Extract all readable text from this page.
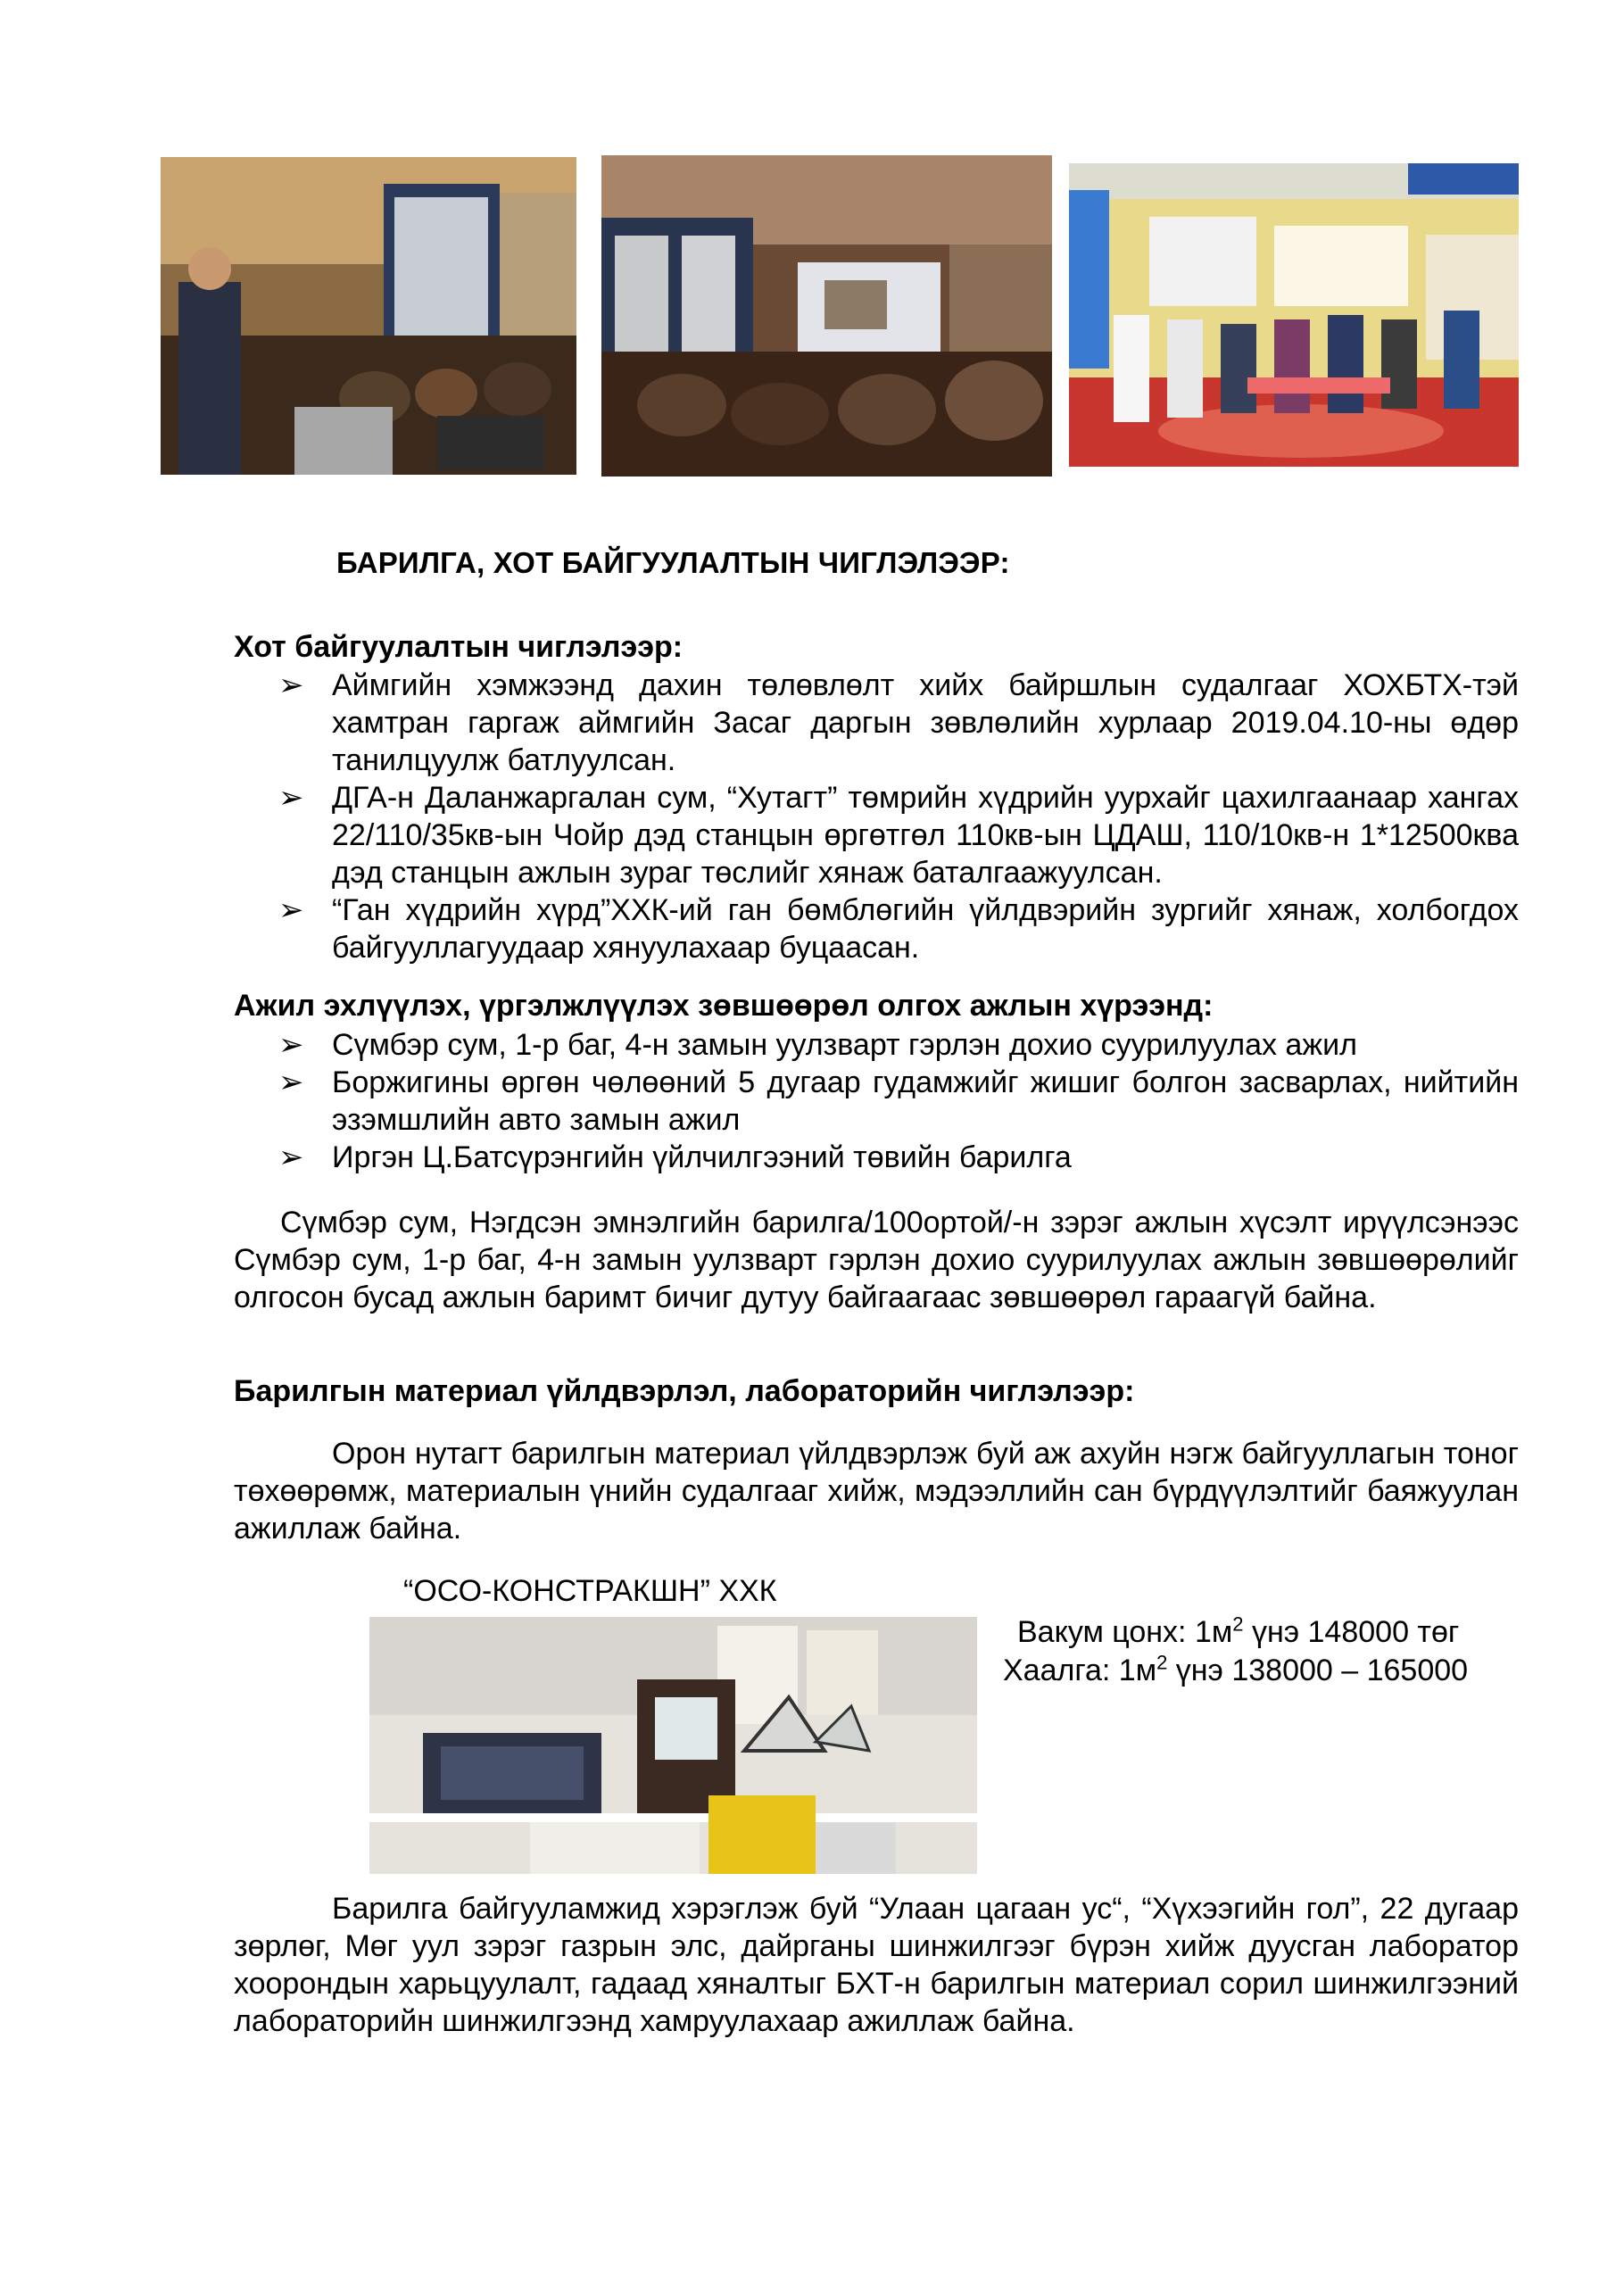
БАРИЛГА, ХОТ БАЙГУУЛАЛТЫН ЧИГЛЭЛЭЭР:
Хот байгуулалтын чиглэлээр:
➢ Аймгийн хэмжээнд дахин төлөвлөлт хийх байршлын судалгааг ХОХБТХ-тэй хамтран гаргаж аймгийн Засаг даргын зөвлөлийн хурлаар 2019.04.10-ны өдөр танилцуулж батлуулсан.
➢ ДГА-н Даланжаргалан сум, “Хутагт” төмрийн хүдрийн уурхайг цахилгаанаар хангах 22/110/35кв-ын Чойр дэд станцын өргөтгөл 110кв-ын ЦДАШ, 110/10кв-н 1*12500ква дэд станцын ажлын зураг төслийг хянаж баталгаажуулсан.
➢ “Ган хүдрийн хүрд”ХХК-ий ган бөмблөгийн үйлдвэрийн зургийг хянаж, холбогдох байгууллагуудаар хянуулахаар буцаасан.
Ажил эхлүүлэх, үргэлжлүүлэх зөвшөөрөл олгох ажлын хүрээнд:
➢ Сүмбэр сум, 1-р баг, 4-н замын уулзварт гэрлэн дохио суурилуулах ажил
➢ Боржигины өргөн чөлөөний 5 дугаар гудамжийг жишиг болгон засварлах, нийтийн эзэмшлийн авто замын ажил
➢ Иргэн Ц.Батсүрэнгийн үйлчилгээний төвийн барилга
Сүмбэр сум, Нэгдсэн эмнэлгийн барилга/100ортой/-н зэрэг ажлын хүсэлт ирүүлсэнээс Сүмбэр сум, 1-р баг, 4-н замын уулзварт гэрлэн дохио суурилуулах ажлын зөвшөөрөлийг олгосон бусад ажлын баримт бичиг дутуу байгаагаас зөвшөөрөл гараагүй байна.
Барилгын материал үйлдвэрлэл, лабораторийн чиглэлээр:
Орон нутагт барилгын материал үйлдвэрлэж буй аж ахуйн нэгж байгууллагын тоног төхөөрөмж, материалын үнийн судалгааг хийж, мэдээллийн сан бүрдүүлэлтийг баяжуулан ажиллаж байна.
“ОСО-КОНСТРАКШН” ХХК
Вакум цонх: $1м^2$ үнэ 148000 төг
Хаалга: $1м^2$ үнэ 138000 – 165000
Барилга байгууламжид хэрэглэж буй “Улаан цагаан ус“, “Хүхээгийн гол”, 22 дугаар зөрлөг, Мөг уул зэрэг газрын элс, дайрганы шинжилгээг бүрэн хийж дуусган лаборатор хоорондын харьцуулалт, гадаад хяналтыг БХТ-н барилгын материал сорил шинжилгээний лабораторийн шинжилгээнд хамруулахаар ажиллаж байна.
